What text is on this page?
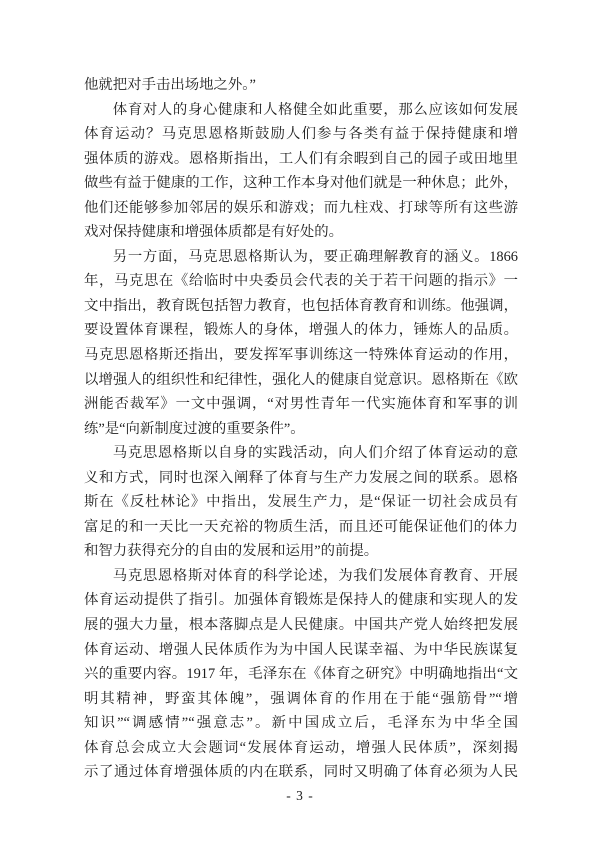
他就把对手击出场地之外。”
体育对人的身心健康和人格健全如此重要，那么应该如何发展
体育运动？马克思恩格斯鼓励人们参与各类有益于保持健康和增
强体质的游戏。恩格斯指出，工人们有余暇到自己的园子或田地里
做些有益于健康的工作，这种工作本身对他们就是一种休息；此外，
他们还能够参加邻居的娱乐和游戏；而九柱戏、打球等所有这些游
戏对保持健康和增强体质都是有好处的。
另一方面，马克思恩格斯认为，要正确理解教育的涵义。1866
年，马克思在《给临时中央委员会代表的关于若干问题的指示》一
文中指出，教育既包括智力教育，也包括体育教育和训练。他强调，
要设置体育课程，锻炼人的身体，增强人的体力，锤炼人的品质。
马克思恩格斯还指出，要发挥军事训练这一特殊体育运动的作用，
以增强人的组织性和纪律性，强化人的健康自觉意识。恩格斯在《欧
洲能否裁军》一文中强调，“对男性青年一代实施体育和军事的训
练”是“向新制度过渡的重要条件”。
马克思恩格斯以自身的实践活动，向人们介绍了体育运动的意
义和方式，同时也深入阐释了体育与生产力发展之间的联系。恩格
斯在《反杜林论》中指出，发展生产力，是“保证一切社会成员有
富足的和一天比一天充裕的物质生活，而且还可能保证他们的体力
和智力获得充分的自由的发展和运用”的前提。
马克思恩格斯对体育的科学论述，为我们发展体育教育、开展
体育运动提供了指引。加强体育锻炼是保持人的健康和实现人的发
展的强大力量，根本落脚点是人民健康。中国共产党人始终把发展
体育运动、增强人民体质作为为中国人民谋幸福、为中华民族谋复
兴的重要内容。1917 年，毛泽东在《体育之研究》中明确地指出“文
明其精神，野蛮其体魄”，强调体育的作用在于能“强筋骨”“增
知识”“调感情”“强意志”。新中国成立后，毛泽东为中华全国
体育总会成立大会题词“发展体育运动，增强人民体质”，深刻揭
示了通过体育增强体质的内在联系，同时又明确了体育必须为人民
- 3 -
